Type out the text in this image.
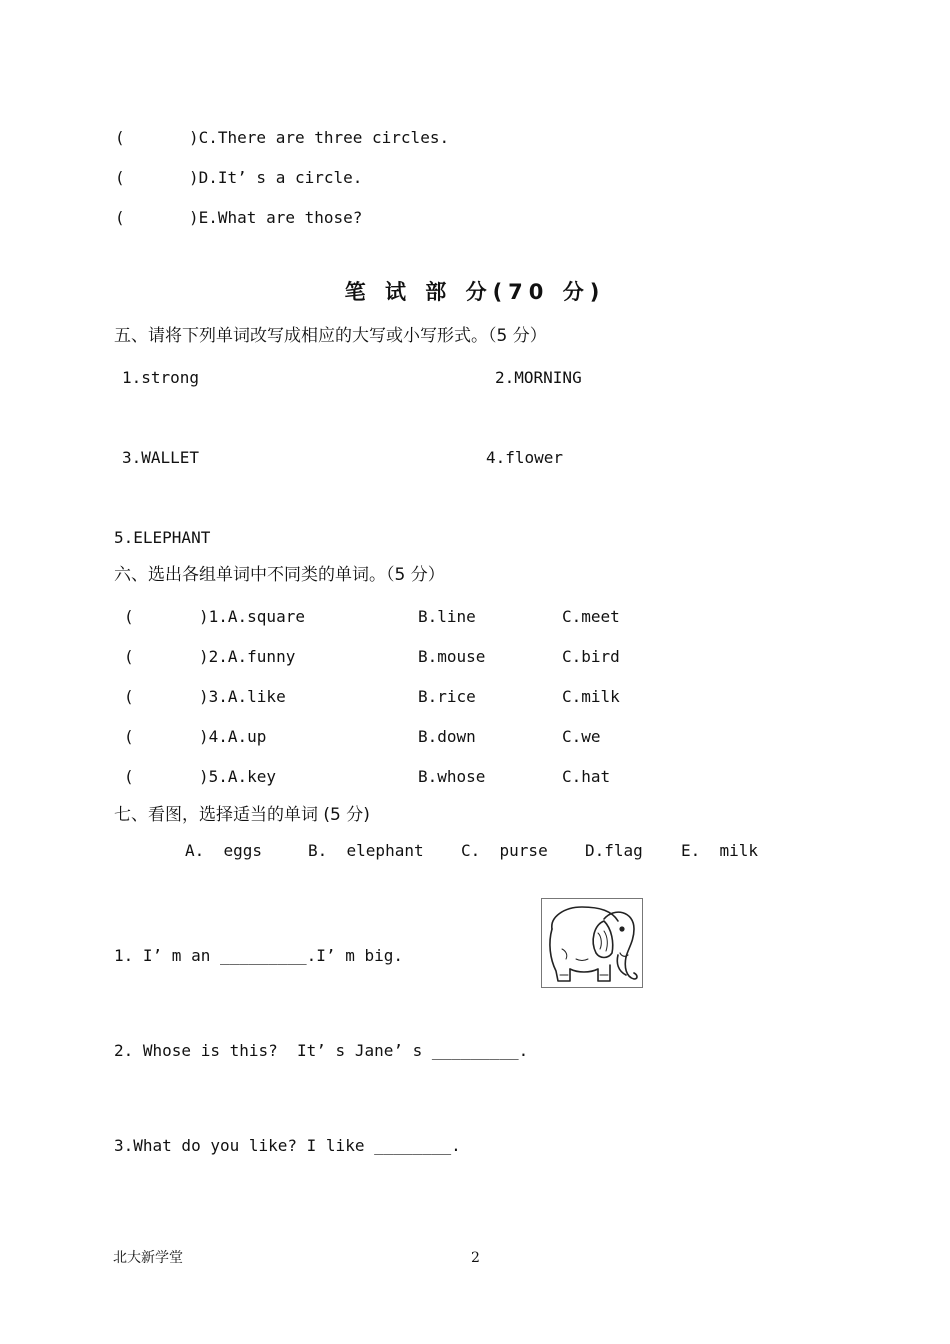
(	)C.There are three circles.
(	)D.It’ s a circle.
(	)E.What are those?
笔 试 部 分(70 分)
五、请将下列单词改写成相应的大写或小写形式。（5 分）
1.strong	2.MORNING
3.WALLET	4.flower
5.ELEPHANT
六、选出各组单词中不同类的单词。（5 分）
(	)1.A.square	B.line	C.meet
(	)2.A.funny	B.mouse	C.bird
(	)3.A.like	B.rice	C.milk
(	)4.A.up	B.down	C.we
(	)5.A.key	B.whose	C.hat
七、看图，选择适当的单词 (5 分)
A.  eggs	B.  elephant C.  purse D.flag E.  milk
1. I’ m an _________.I’ m big.
2. Whose is this?  It’ s Jane’ s _________.
3.What do you like? I like ________.
北大新学堂	2
